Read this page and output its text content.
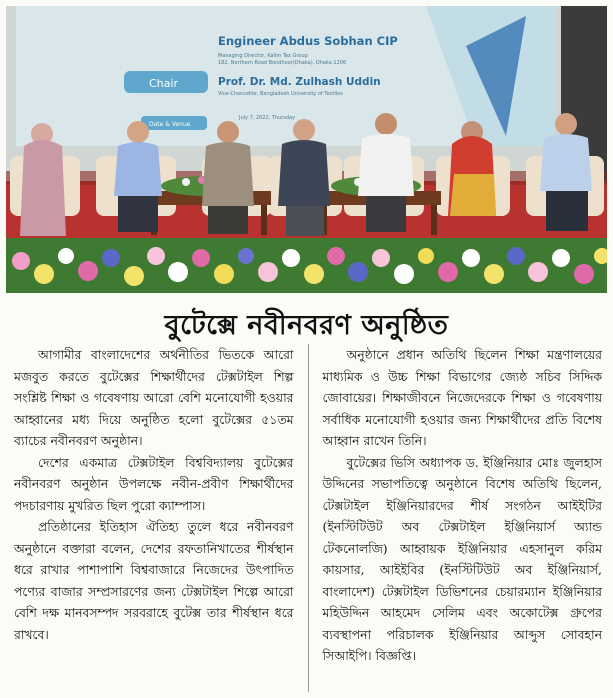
Engineer Abdus Sobhan CIP
Managing Director, Kalim Tex Group
182, Northern Road Bondhoor(Dhaka), Dhaka 1206
Chair	Prof. Dr. Md. Zulhash Uddin
Vice-Chancellor, Bangladesh University of Textiles
Date & Venue
July 7, 2022, Thursday
বুটেক্সে নবীনবরণ অনুষ্ঠিত

আগামীর বাংলাদেশের অর্থনীতির ভিতকে আরো মজবুত করতে বুটেক্সের শিক্ষার্থীদের টেক্সটাইল শিল্প সংশ্লিষ্ট শিক্ষা ও গবেষণায় আরো বেশি মনোযোগী হওয়ার আহ্বানের মধ্য দিয়ে অনুষ্ঠিত হলো বুটেক্সের ৫১তম ব্যাচের নবীনবরণ অনুষ্ঠান।

দেশের একমাত্র টেক্সটাইল বিশ্ববিদ্যালয় বুটেক্সের নবীনবরণ অনুষ্ঠান উপলক্ষে নবীন-প্রবীণ শিক্ষার্থীদের পদচারণায় মুখরিত ছিল পুরো ক্যাম্পাস।

প্রতিষ্ঠানের ইতিহাস ঐতিহ্য তুলে ধরে নবীনবরণ অনুষ্ঠানে বক্তারা বলেন, দেশের রফতানিখাতের শীর্ষস্থান ধরে রাখার পাশাপাশি বিশ্ববাজারে নিজেদের উৎপাদিত পণ্যের বাজার সম্প্রসারণের জন্য টেক্সটাইল শিল্পে আরো বেশি দক্ষ মানবসম্পদ সরবরাহে বুটেক্স তার শীর্ষস্থান ধরে রাখবে।

অনুষ্ঠানে প্রধান অতিথি ছিলেন শিক্ষা মন্ত্রণালয়ের মাধ্যমিক ও উচ্চ শিক্ষা বিভাগের জ্যেষ্ঠ সচিব সিদ্দিক জোবায়ের। শিক্ষাজীবনে নিজেদেরকে শিক্ষা ও গবেষণায় সর্বাধিক মনোযোগী হওয়ার জন্য শিক্ষার্থীদের প্রতি বিশেষ আহ্বান রাখেন তিনি।

বুটেক্সের ভিসি অধ্যাপক ড. ইঞ্জিনিয়ার মোঃ জুলহাস উদ্দিনের সভাপতিত্বে অনুষ্ঠানে বিশেষ অতিথি ছিলেন, টেক্সটাইল ইঞ্জিনিয়ারদের শীর্ষ সংগঠন আইইটির (ইনস্টিটিউট অব টেক্সটাইল ইঞ্জিনিয়ার্স অ্যান্ড টেকনোলজি) আহ্বায়ক ইঞ্জিনিয়ার এহসানুল করিম কায়সার, আইইবির (ইনস্টিটিউট অব ইঞ্জিনিয়ার্স, বাংলাদেশ) টেক্সটাইল ডিভিশনের চেয়ারম্যান ইঞ্জিনিয়ার মহিউদ্দিন আহমেদ সেলিম এবং অকোটেক্স গ্রুপের ব্যবস্থাপনা পরিচালক ইঞ্জিনিয়ার আব্দুস সোবহান সিআইপি। বিজ্ঞপ্তি।
